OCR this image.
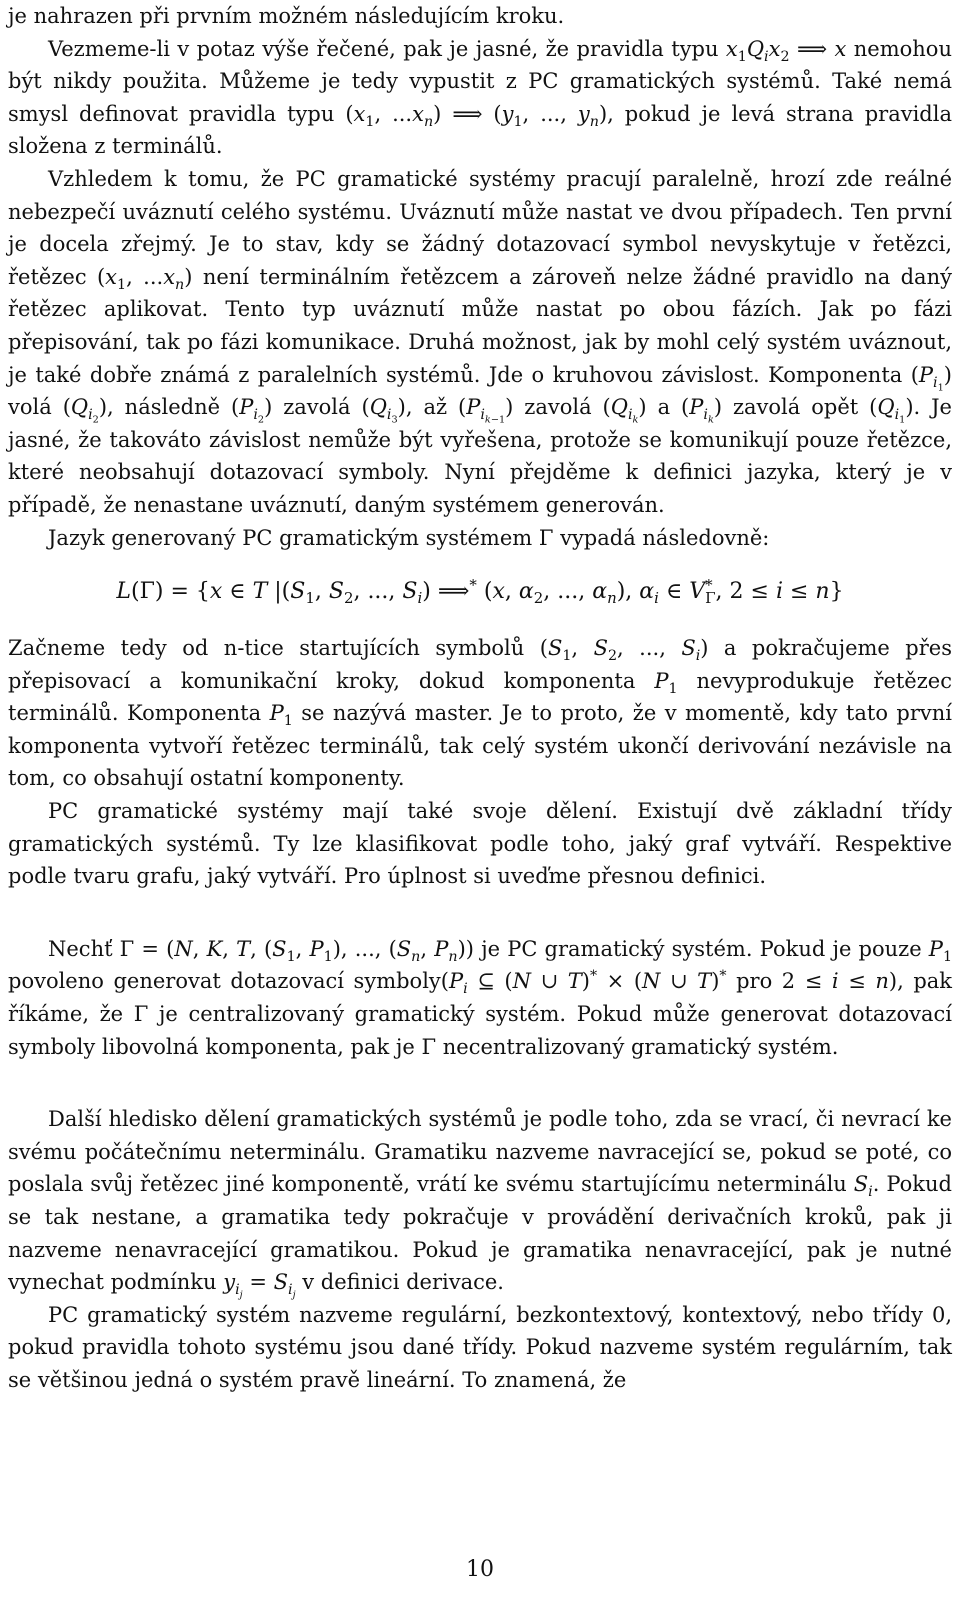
je nahrazen při prvním možném následujícím kroku.

Vezmeme-li v potaz výše řečené, pak je jasné, že pravidla typu $x_1Q_ix_2$ ⟹ x nemohou být nikdy použita. Můžeme je tedy vypustit z PC gramatických systémů. Také nemá smysl definovat pravidla typu ($x_1$, $...x_n$) ⟹ ($y_1$, ..., $y_n$), pokud je levá strana pravidla složena z terminálů.

Vzhledem k tomu, že PC gramatické systémy pracují paralelně, hrozí zde reálné nebezpečí uváznutí celého systému. Uváznutí může nastat ve dvou případech. Ten první je docela zřejmý. Je to stav, kdy se žádný dotazovací symbol nevyskytuje v řetězci, řetězec ($x_1$, $...x_n$) není terminálním řetězcem a zároveň nelze žádné pravidlo na daný řetězec aplikovat. Tento typ uváznutí může nastat po obou fázích. Jak po fázi přepisování, tak po fázi komunikace. Druhá možnost, jak by mohl celý systém uváznout, je také dobře známá z paralelních systémů. Jde o kruhovou závislost. Komponenta $(P_{i_1})$ volá $(Q_{i_2})$, následně $(P_{i_2})$ zavolá $(Q_{i_3})$, až $(P_{i_{k-1}})$ zavolá $(Q_{i_k})$ a $(P_{i_k})$ zavolá opět $(Q_{i_1})$. Je jasné, že takováto závislost nemůže být vyřešena, protože se komunikují pouze řetězce, které neobsahují dotazovací symboly. Nyní přejděme k definici jazyka, který je v případě, že nenastane uváznutí, daným systémem generován.

Jazyk generovaný PC gramatickým systémem Γ vypadá následovně:

L(Γ) = {x ∈ T $|(S_1$, $S_2$, ..., $S_i$) ⟹* (x, $\alpha_2$, ..., $\alpha_n$), $\alpha_i$ ∈ $V^*_\Gamma$, 2 ≤ i ≤ n}

Začneme tedy od n-tice startujících symbolů ($S_1$, $S_2$, ..., $S_i$) a pokračujeme přes přepisovací a komunikační kroky, dokud komponenta $P_1$ nevyprodukuje řetězec terminálů. Komponenta $P_1$ se nazývá master. Je to proto, že v momentě, kdy tato první komponenta vytvoří řetězec terminálů, tak celý systém ukončí derivování nezávisle na tom, co obsahují ostatní komponenty.

PC gramatické systémy mají také svoje dělení. Existují dvě základní třídy gramatických systémů. Ty lze klasifikovat podle toho, jaký graf vytváří. Respektive podle tvaru grafu, jaký vytváří. Pro úplnost si uveďme přesnou definici.

Nechť Γ = (N, K, T, ($S_1$, $P_1$), ..., ($S_n$, $P_n$)) je PC gramatický systém. Pokud je pouze $P_1$ povoleno generovat dotazovací $symboly(P_i$ ⊆ (N ∪ T)* × (N ∪ T)* pro 2 ≤ i ≤ n), pak říkáme, že Γ je centralizovaný gramatický systém. Pokud může generovat dotazovací symboly libovolná komponenta, pak je Γ necentralizovaný gramatický systém.

Další hledisko dělení gramatických systémů je podle toho, zda se vrací, či nevrací ke svému počátečnímu neterminálu. Gramatiku nazveme navracející se, pokud se poté, co poslala svůj řetězec jiné komponentě, vrátí ke svému startujícímu neterminálu $S_i$. Pokud se tak nestane, a gramatika tedy pokračuje v provádění derivačních kroků, pak ji nazveme nenavracející gramatikou. Pokud je gramatika nenavracející, pak je nutné vynechat podmínku $y_{i_j} = S_{i_j}$ v definici derivace.

PC gramatický systém nazveme regulární, bezkontextový, kontextový, nebo třídy 0, pokud pravidla tohoto systému jsou dané třídy. Pokud nazveme systém regulárním, tak se většinou jedná o systém pravě lineární. To znamená, že

10
